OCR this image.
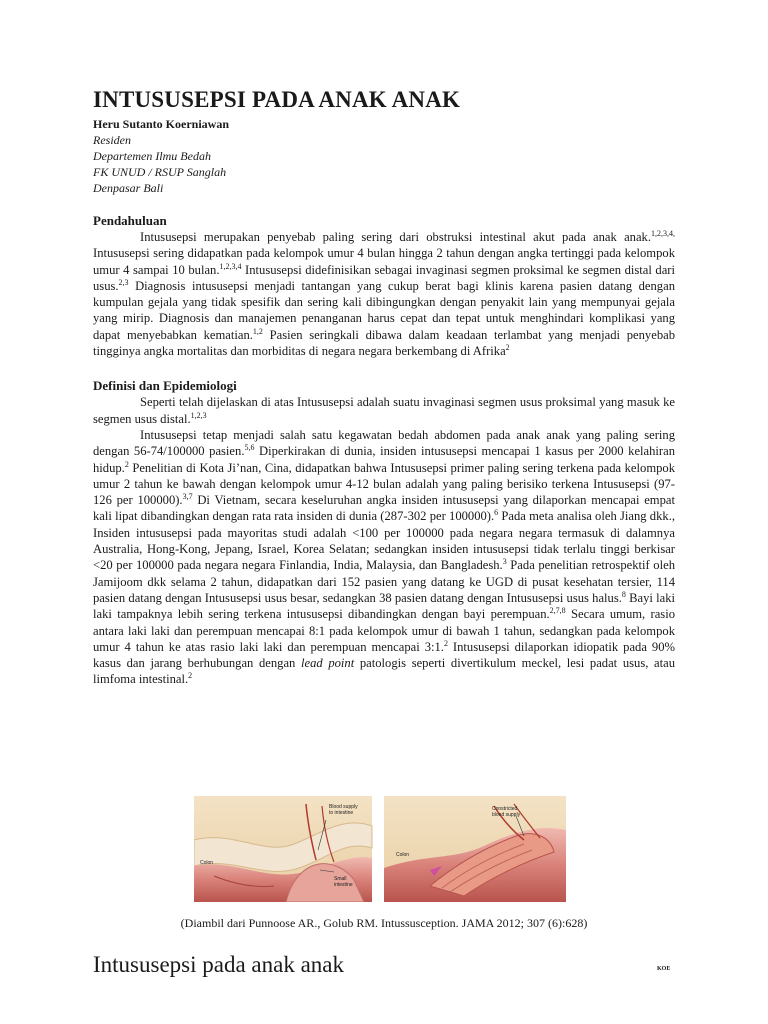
INTUSUSEPSI PADA ANAK ANAK
Heru Sutanto Koerniawan
Residen
Departemen Ilmu Bedah
FK UNUD / RSUP Sanglah
Denpasar Bali
Pendahuluan

Intususepsi merupakan penyebab paling sering dari obstruksi intestinal akut pada anak anak.$^{1,2,3,4,}$ Intususepsi sering didapatkan pada kelompok umur 4 bulan hingga 2 tahun dengan angka tertinggi pada kelompok umur 4 sampai 10 bulan.$^{1,2,3,4}$ Intususepsi didefinisikan sebagai invaginasi segmen proksimal ke segmen distal dari usus.$^{2,3}$ Diagnosis intususepsi menjadi tantangan yang cukup berat bagi klinis karena pasien datang dengan kumpulan gejala yang tidak spesifik dan sering kali dibingungkan dengan penyakit lain yang mempunyai gejala yang mirip. Diagnosis dan manajemen penanganan harus cepat dan tepat untuk menghindari komplikasi yang dapat menyebabkan kematian.$^{1,2}$ Pasien seringkali dibawa dalam keadaan terlambat yang menjadi penyebab tingginya angka mortalitas dan morbiditas di negara negara berkembang di Afrika$^2$

Definisi dan Epidemiologi

Seperti telah dijelaskan di atas Intususepsi adalah suatu invaginasi segmen usus proksimal yang masuk ke segmen usus distal.$^{1,2,3}$

Intususepsi tetap menjadi salah satu kegawatan bedah abdomen pada anak anak yang paling sering dengan 56-74/100000 pasien.$^{5,6}$ Diperkirakan di dunia, insiden intususepsi mencapai 1 kasus per 2000 kelahiran hidup.$^2$ Penelitian di Kota Ji’nan, Cina, didapatkan bahwa Intususepsi primer paling sering terkena pada kelompok umur 2 tahun ke bawah dengan kelompok umur 4-12 bulan adalah yang paling berisiko terkena Intususepsi (97-126 per 100000).$^{3,7}$ Di Vietnam, secara keseluruhan angka insiden intususepsi yang dilaporkan mencapai empat kali lipat dibandingkan dengan rata rata insiden di dunia (287-302 per 100000).$^6$ Pada meta analisa oleh Jiang dkk., Insiden intususepsi pada mayoritas studi adalah <100 per 100000 pada negara negara termasuk di dalamnya Australia, Hong-Kong, Jepang, Israel, Korea Selatan; sedangkan insiden intususepsi tidak terlalu tinggi berkisar <20 per 100000 pada negara negara Finlandia, India, Malaysia, dan Bangladesh.$^3$ Pada penelitian retrospektif oleh Jamijoom dkk selama 2 tahun, didapatkan dari 152 pasien yang datang ke UGD di pusat kesehatan tersier, 114 pasien datang dengan Intususepsi usus besar, sedangkan 38 pasien datang dengan Intususepsi usus halus.$^8$ Bayi laki laki tampaknya lebih sering terkena intususepsi dibandingkan dengan bayi perempuan.$^{2,7,8}$ Secara umum, rasio antara laki laki dan perempuan mencapai 8:1 pada kelompok umur di bawah 1 tahun, sedangkan pada kelompok umur 4 tahun ke atas rasio laki laki dan perempuan mencapai 3:1.$^2$ Intususepsi dilaporkan idiopatik pada 90% kasus dan jarang berhubungan dengan lead point patologis seperti divertikulum meckel, lesi padat usus, atau limfoma intestinal.$^2$

Blood supply
to intestine
Colon
Small
intestine
Constricted
blood supply
Colon
(Diambil dari Punnoose AR., Golub RM. Intussusception. JAMA 2012; 307 (6):628)
Intususepsi pada anak anak	KOE
